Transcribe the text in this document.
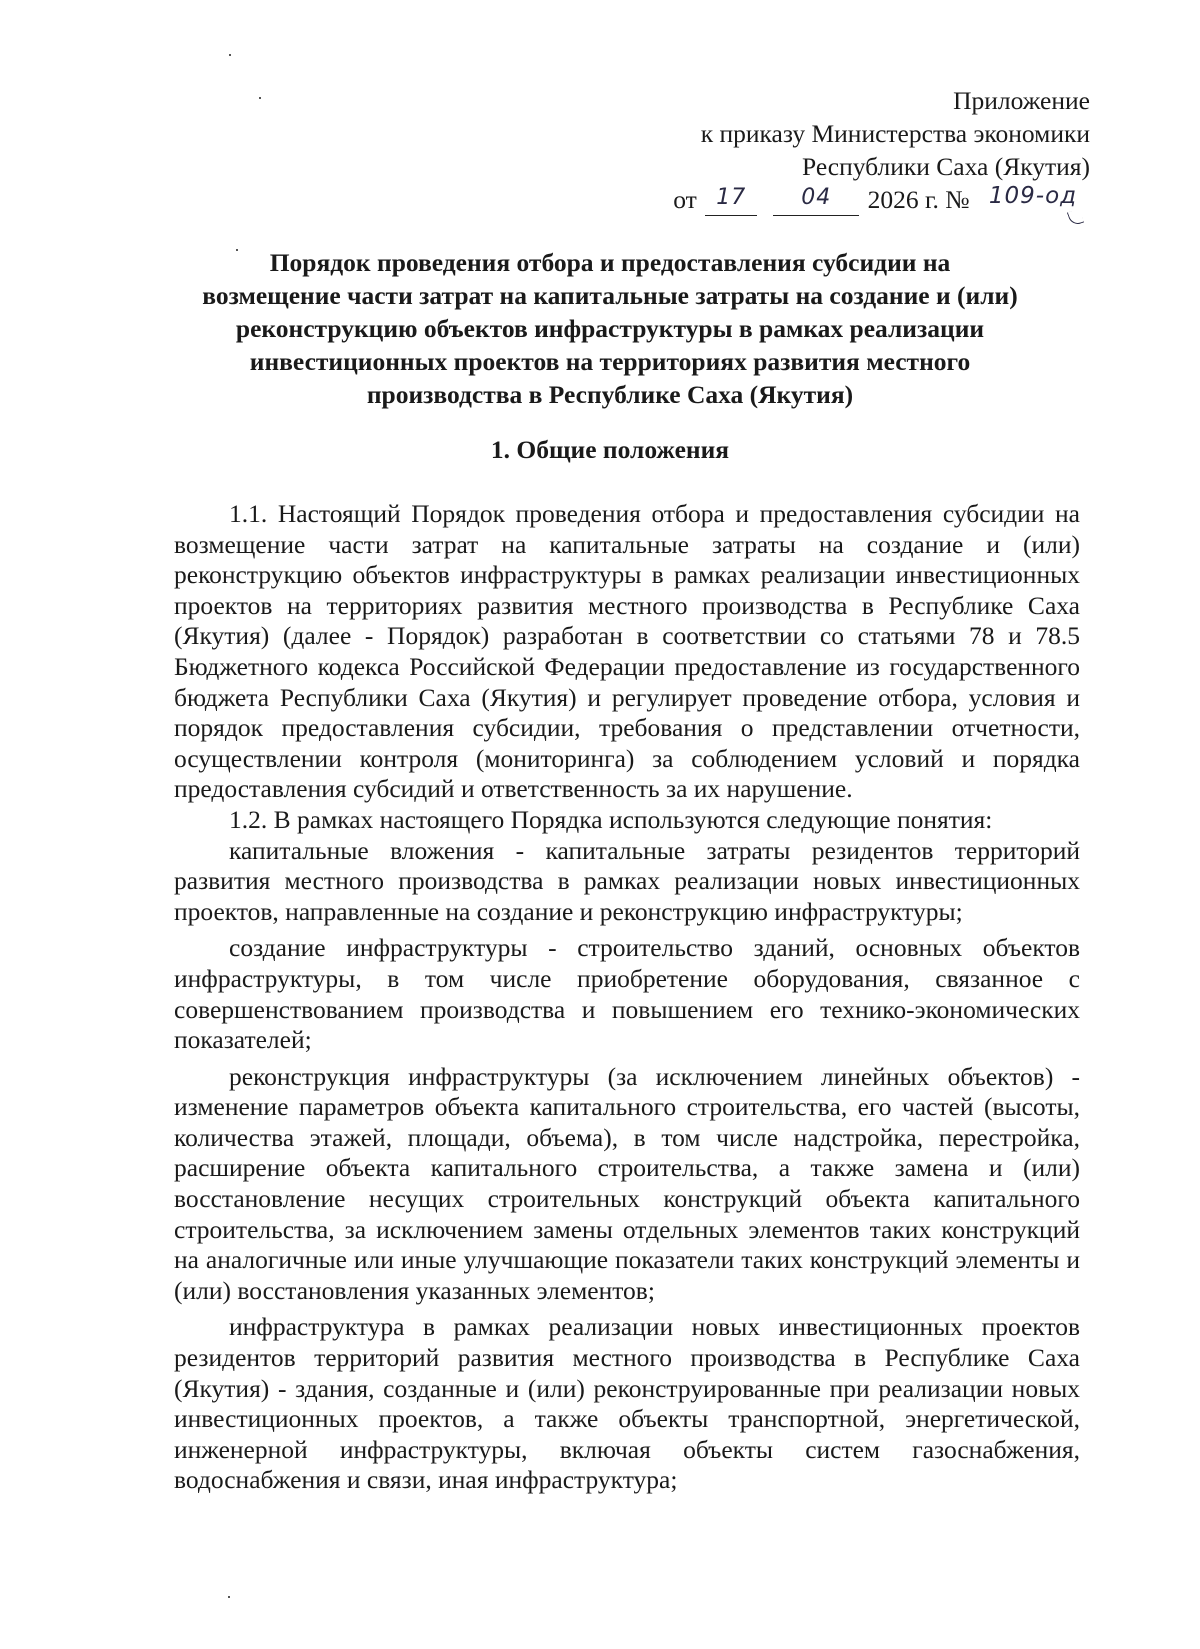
Приложение
к приказу Министерства экономики
Республики Саха (Якутия)
от 17	04 2026 г. № 109-од
Порядок проведения отбора и предоставления субсидии на
возмещение части затрат на капитальные затраты на создание и (или)
реконструкцию объектов инфраструктуры в рамках реализации
инвестиционных проектов на территориях развития местного
производства в Республике Саха (Якутия)
1. Общие положения

1.1. Настоящий Порядок проведения отбора и предоставления субсидии на возмещение части затрат на капитальные затраты на создание и (или) реконструкцию объектов инфраструктуры в рамках реализации инвестиционных проектов на территориях развития местного производства в Республике Саха (Якутия) (далее - Порядок) разработан в соответствии со статьями 78 и 78.5 Бюджетного кодекса Российской Федерации предоставление из государственного бюджета Республики Саха (Якутия) и регулирует проведение отбора, условия и порядок предоставления субсидии, требования о представлении отчетности, осуществлении контроля (мониторинга) за соблюдением условий и порядка предоставления субсидий и ответственность за их нарушение.

1.2. В рамках настоящего Порядка используются следующие понятия:

капитальные вложения - капитальные затраты резидентов территорий развития местного производства в рамках реализации новых инвестиционных проектов, направленные на создание и реконструкцию инфраструктуры;

создание инфраструктуры - строительство зданий, основных объектов инфраструктуры, в том числе приобретение оборудования, связанное с совершенствованием производства и повышением его технико-экономических показателей;

реконструкция инфраструктуры (за исключением линейных объектов) - изменение параметров объекта капитального строительства, его частей (высоты, количества этажей, площади, объема), в том числе надстройка, перестройка, расширение объекта капитального строительства, а также замена и (или) восстановление несущих строительных конструкций объекта капитального строительства, за исключением замены отдельных элементов таких конструкций на аналогичные или иные улучшающие показатели таких конструкций элементы и (или) восстановления указанных элементов;

инфраструктура в рамках реализации новых инвестиционных проектов резидентов территорий развития местного производства в Республике Саха (Якутия) - здания, созданные и (или) реконструированные при реализации новых инвестиционных проектов, а также объекты транспортной, энергетической, инженерной инфраструктуры, включая объекты систем газоснабжения, водоснабжения и связи, иная инфраструктура;
